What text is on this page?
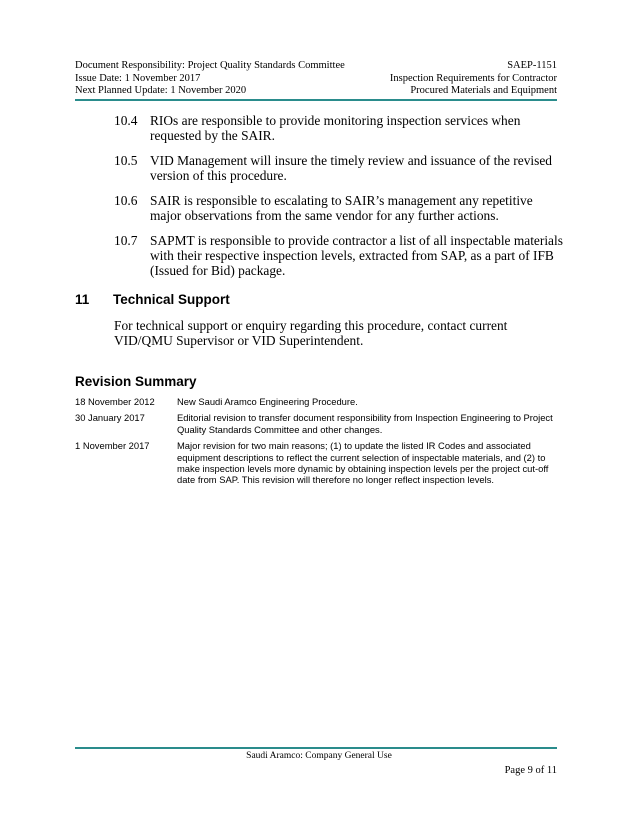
Document Responsibility: Project Quality Standards Committee	SAEP-1151
Issue Date: 1 November 2017	Inspection Requirements for Contractor
Next Planned Update: 1 November 2020	Procured Materials and Equipment
10.4 RIOs are responsible to provide monitoring inspection services when requested by the SAIR.
10.5 VID Management will insure the timely review and issuance of the revised version of this procedure.
10.6 SAIR is responsible to escalating to SAIR’s management any repetitive major observations from the same vendor for any further actions.
10.7 SAPMT is responsible to provide contractor a list of all inspectable materials with their respective inspection levels, extracted from SAP, as a part of IFB (Issued for Bid) package.
11 Technical Support
For technical support or enquiry regarding this procedure, contact current VID/QMU Supervisor or VID Superintendent.
Revision Summary
18 November 2012	New Saudi Aramco Engineering Procedure.
30 January 2017	Editorial revision to transfer document responsibility from Inspection Engineering to Project Quality Standards Committee and other changes.
1 November 2017	Major revision for two main reasons; (1) to update the listed IR Codes and associated equipment descriptions to reflect the current selection of inspectable materials, and (2) to make inspection levels more dynamic by obtaining inspection levels per the project cut-off date from SAP. This revision will therefore no longer reflect inspection levels.
Saudi Aramco: Company General Use
Page 9 of 11
